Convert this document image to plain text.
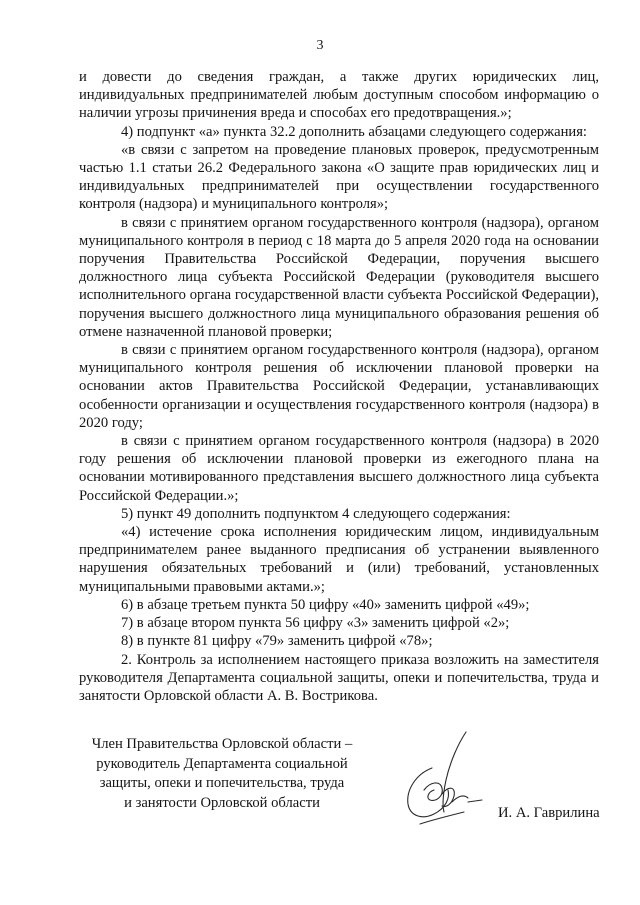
3

и довести до сведения граждан, а также других юридических лиц, индивидуальных предпринимателей любым доступным способом информацию о наличии угрозы причинения вреда и способах его предотвращения.»;

4) подпункт «а» пункта 32.2 дополнить абзацами следующего содержания:

«в связи с запретом на проведение плановых проверок, предусмотренным частью 1.1 статьи 26.2 Федерального закона «О защите прав юридических лиц и индивидуальных предпринимателей при осуществлении государственного контроля (надзора) и муниципального контроля»;

в связи с принятием органом государственного контроля (надзора), органом муниципального контроля в период с 18 марта до 5 апреля 2020 года на основании поручения Правительства Российской Федерации, поручения высшего должностного лица субъекта Российской Федерации (руководителя высшего исполнительного органа государственной власти субъекта Российской Федерации), поручения высшего должностного лица муниципального образования решения об отмене назначенной плановой проверки;

в связи с принятием органом государственного контроля (надзора), органом муниципального контроля решения об исключении плановой проверки на основании актов Правительства Российской Федерации, устанавливающих особенности организации и осуществления государственного контроля (надзора) в 2020 году;

в связи с принятием органом государственного контроля (надзора) в 2020 году решения об исключении плановой проверки из ежегодного плана на основании мотивированного представления высшего должностного лица субъекта Российской Федерации.»;

5) пункт 49 дополнить подпунктом 4 следующего содержания:

«4) истечение срока исполнения юридическим лицом, индивидуальным предпринимателем ранее выданного предписания об устранении выявленного нарушения обязательных требований и (или) требований, установленных муниципальными правовыми актами.»;

6) в абзаце третьем пункта 50 цифру «40» заменить цифрой «49»;

7) в абзаце втором пункта 56 цифру «3» заменить цифрой «2»;

8) в пункте 81 цифру «79» заменить цифрой «78»;

2. Контроль за исполнением настоящего приказа возложить на заместителя руководителя Департамента социальной защиты, опеки и попечительства, труда и занятости Орловской области А. В. Вострикова.

Член Правительства Орловской области –
руководитель Департамента социальной
защиты, опеки и попечительства, труда
и занятости Орловской области
И. А. Гаврилина
